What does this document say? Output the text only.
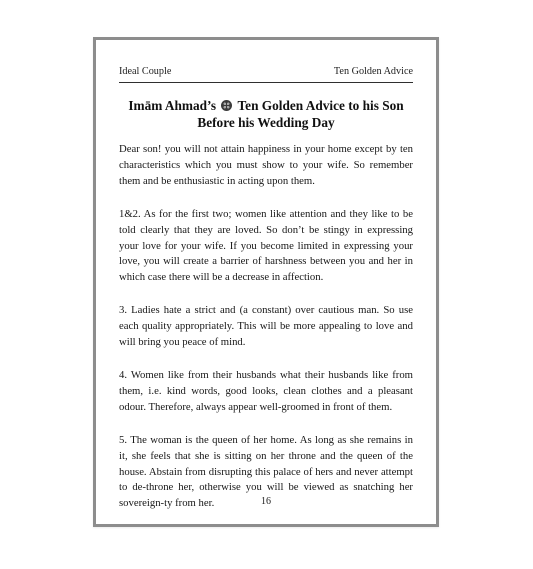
Ideal Couple	Ten Golden Advice
Imām Ahmad’s Ten Golden Advice to his Son
Before his Wedding Day

Dear son! you will not attain happiness in your home except by ten characteristics which you must show to your wife. So remember them and be enthusiastic in acting upon them.

1&2. As for the first two; women like attention and they like to be told clearly that they are loved. So don’t be stingy in expressing your love for your wife. If you become limited in expressing your love, you will create a barrier of harshness between you and her in which case there will be a decrease in affection.

3. Ladies hate a strict and (a constant) over cautious man. So use each quality appropriately. This will be more appealing to love and will bring you peace of mind.

4. Women like from their husbands what their husbands like from them, i.e. kind words, good looks, clean clothes and a pleasant odour. Therefore, always appear well-groomed in front of them.

5. The woman is the queen of her home. As long as she remains in it, she feels that she is sitting on her throne and the queen of the house. Abstain from disrupting this palace of hers and never attempt to de-throne her, otherwise you will be viewed as snatching her sovereign-ty from her.	16
